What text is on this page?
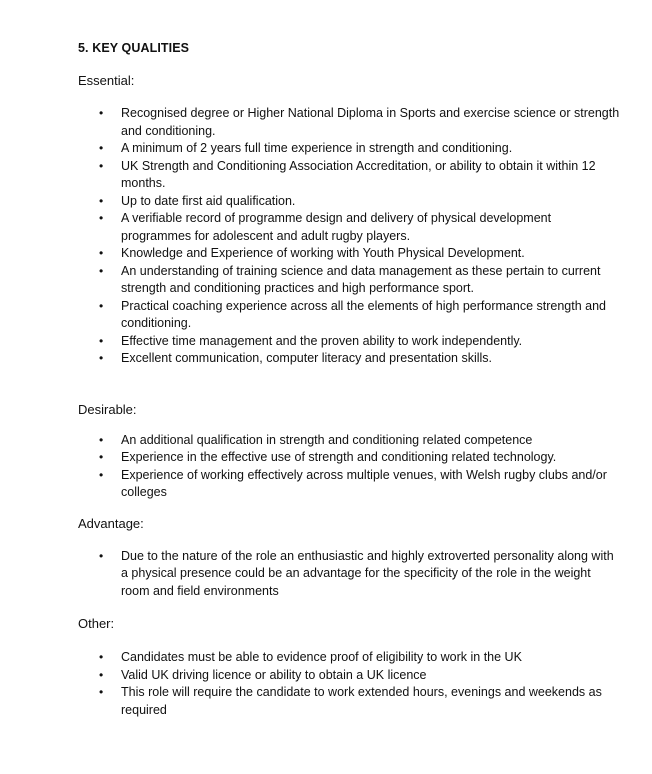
5. KEY QUALITIES

Essential:

• Recognised degree or Higher National Diploma in Sports and exercise science or strength and conditioning.
• A minimum of 2 years full time experience in strength and conditioning.
• UK Strength and Conditioning Association Accreditation, or ability to obtain it within 12 months.
• Up to date first aid qualification.
• A verifiable record of programme design and delivery of physical development programmes for adolescent and adult rugby players.
• Knowledge and Experience of working with Youth Physical Development.
• An understanding of training science and data management as these pertain to current strength and conditioning practices and high performance sport.
• Practical coaching experience across all the elements of high performance strength and conditioning.
• Effective time management and the proven ability to work independently.
• Excellent communication, computer literacy and presentation skills.

Desirable:

• An additional qualification in strength and conditioning related competence
• Experience in the effective use of strength and conditioning related technology.
• Experience of working effectively across multiple venues, with Welsh rugby clubs and/or colleges

Advantage:

• Due to the nature of the role an enthusiastic and highly extroverted personality along with a physical presence could be an advantage for the specificity of the role in the weight room and field environments

Other:

• Candidates must be able to evidence proof of eligibility to work in the UK
• Valid UK driving licence or ability to obtain a UK licence
• This role will require the candidate to work extended hours, evenings and weekends as required
